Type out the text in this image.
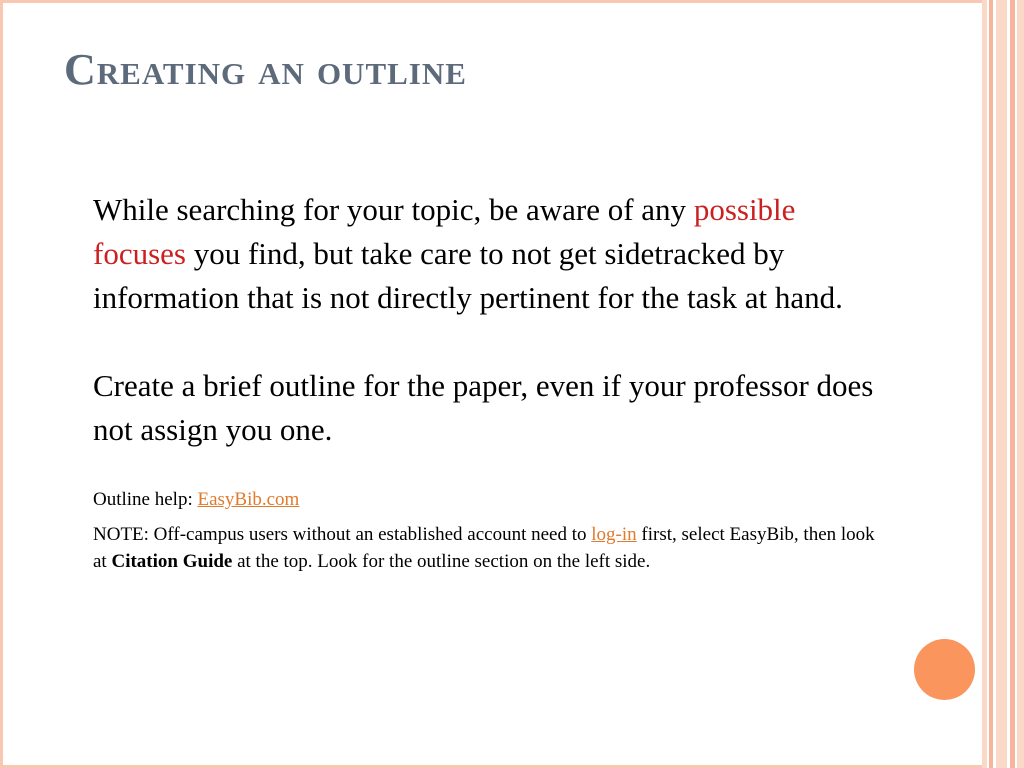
Creating an outline

While searching for your topic, be aware of any possible focuses you find, but take care to not get sidetracked by information that is not directly pertinent for the task at hand.

Create a brief outline for the paper, even if your professor does not assign you one.

Outline help: EasyBib.com

NOTE: Off-campus users without an established account need to log-in first, select EasyBib, then look at Citation Guide at the top. Look for the outline section on the left side.
